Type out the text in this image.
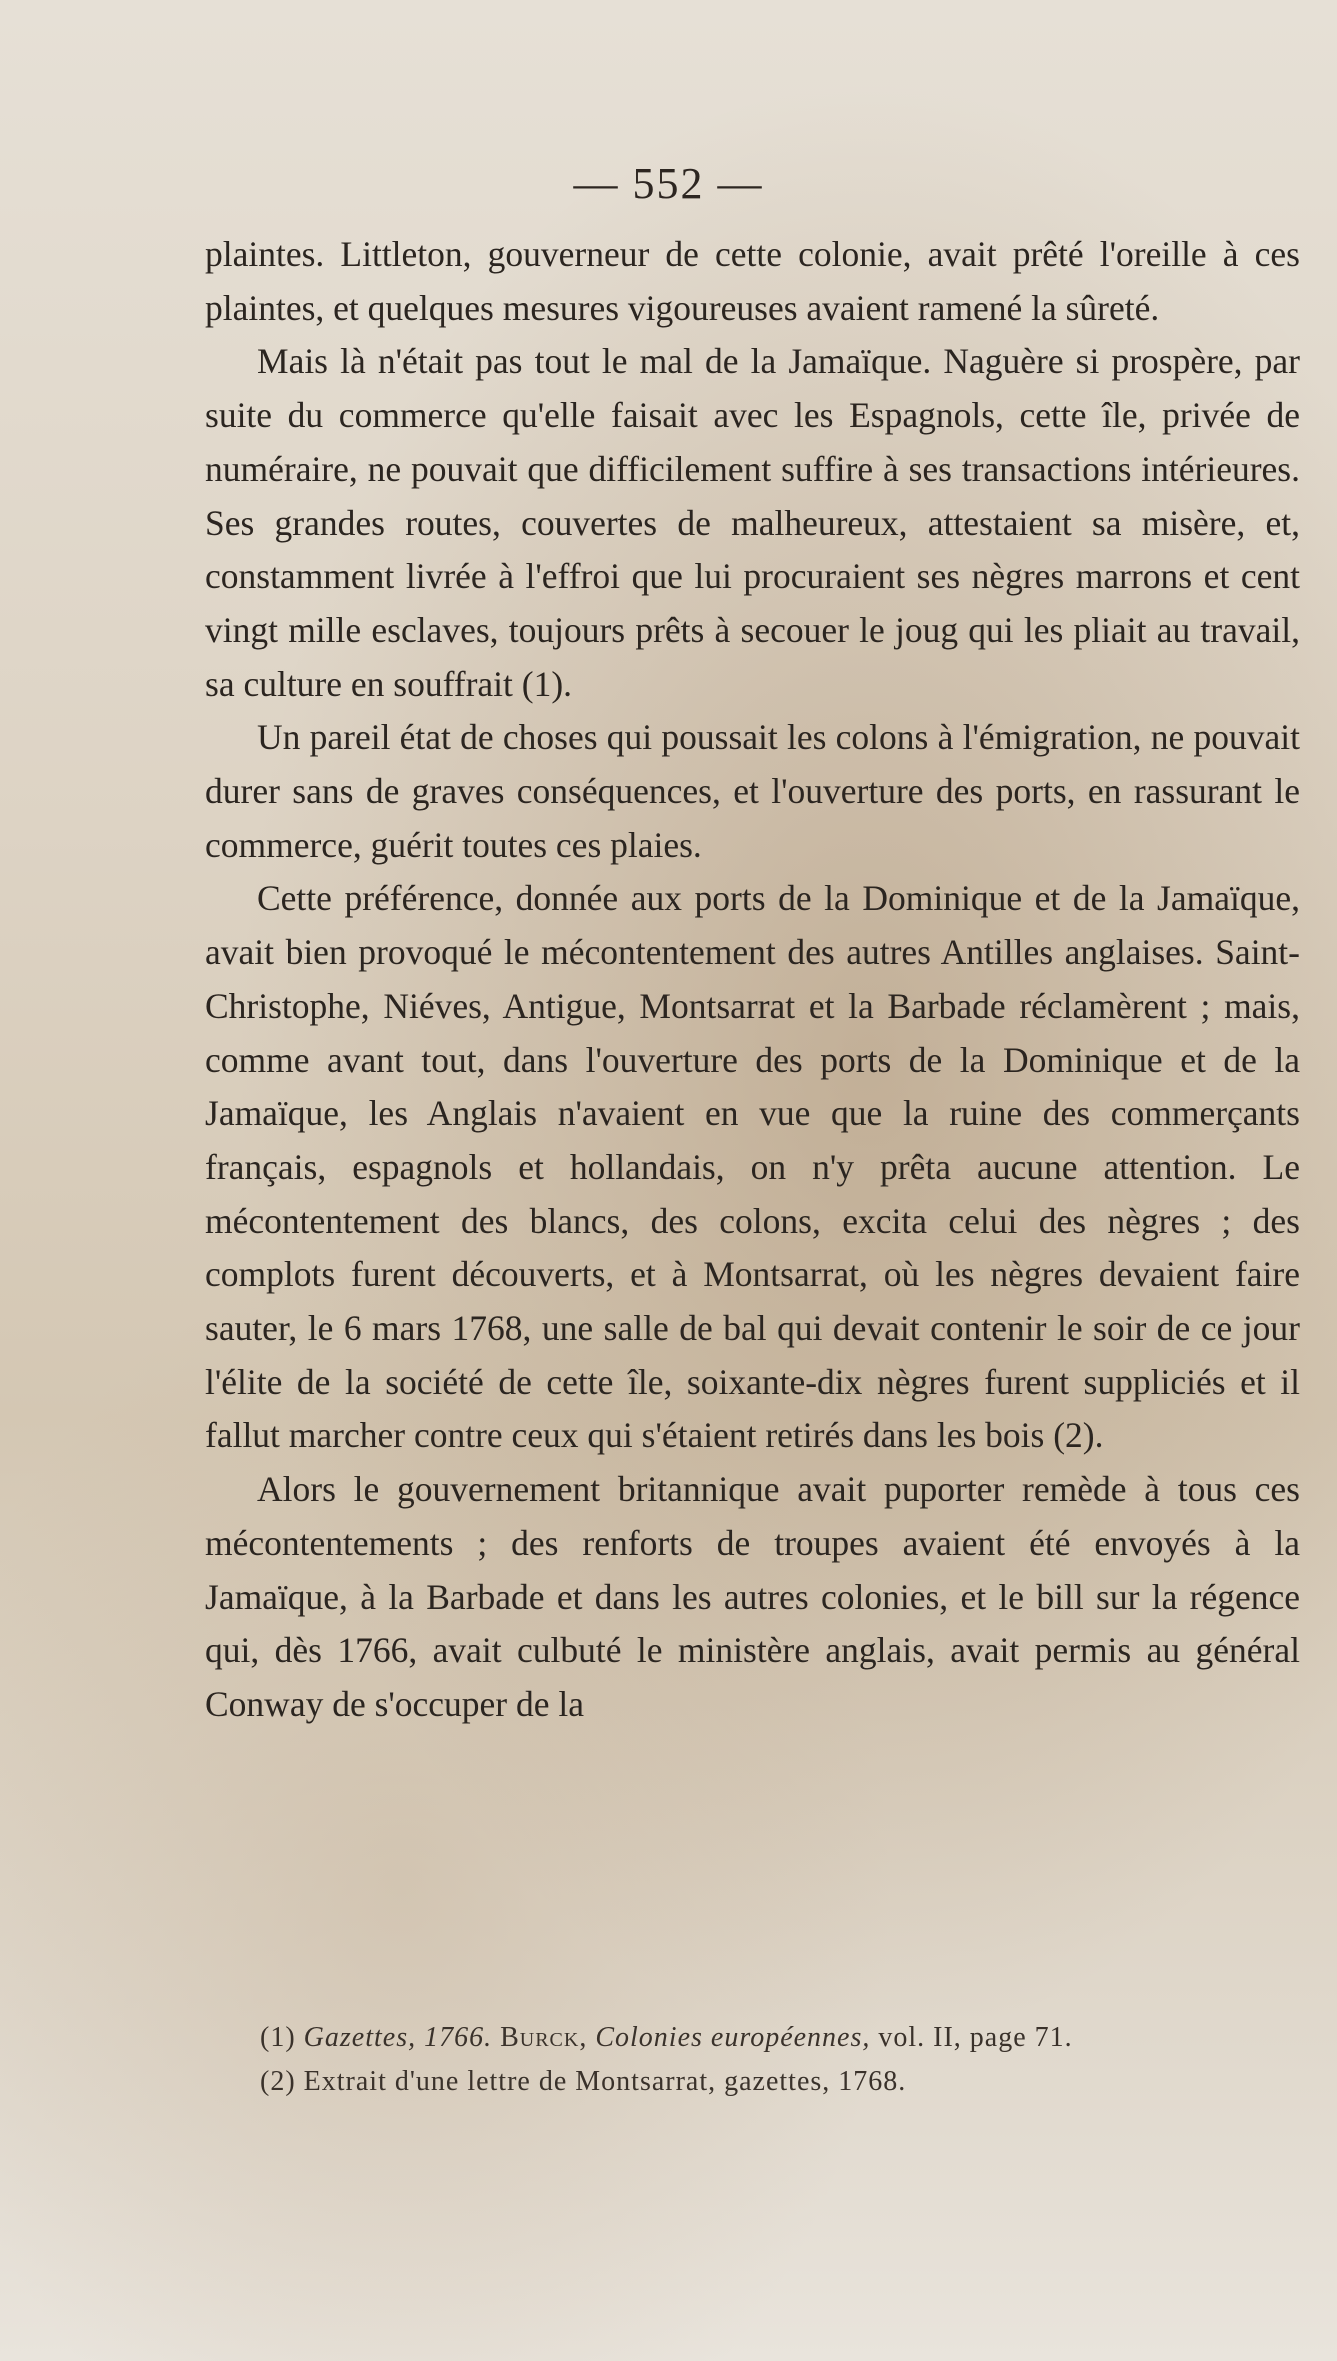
— 552 —

plaintes. Littleton, gouverneur de cette colonie, avait prêté l'oreille à ces plaintes, et quelques mesures vigoureuses avaient ramené la sûreté.

Mais là n'était pas tout le mal de la Jamaïque. Naguère si prospère, par suite du commerce qu'elle faisait avec les Espagnols, cette île, privée de numéraire, ne pouvait que difficilement suffire à ses transactions intérieures. Ses grandes routes, couvertes de malheureux, attestaient sa misère, et, constamment livrée à l'effroi que lui procuraient ses nègres marrons et cent vingt mille esclaves, toujours prêts à secouer le joug qui les pliait au travail, sa culture en souffrait (1).

Un pareil état de choses qui poussait les colons à l'émigration, ne pouvait durer sans de graves conséquences, et l'ouverture des ports, en rassurant le commerce, guérit toutes ces plaies.

Cette préférence, donnée aux ports de la Dominique et de la Jamaïque, avait bien provoqué le mécontentement des autres Antilles anglaises. Saint-Christophe, Niéves, Antigue, Montsarrat et la Barbade réclamèrent ; mais, comme avant tout, dans l'ouverture des ports de la Dominique et de la Jamaïque, les Anglais n'avaient en vue que la ruine des commerçants français, espagnols et hollandais, on n'y prêta aucune attention. Le mécontentement des blancs, des colons, excita celui des nègres ; des complots furent découverts, et à Montsarrat, où les nègres devaient faire sauter, le 6 mars 1768, une salle de bal qui devait contenir le soir de ce jour l'élite de la société de cette île, soixante-dix nègres furent suppliciés et il fallut marcher contre ceux qui s'étaient retirés dans les bois (2).

Alors le gouvernement britannique avait puporter remède à tous ces mécontentements ; des renforts de troupes avaient été envoyés à la Jamaïque, à la Barbade et dans les autres colonies, et le bill sur la régence qui, dès 1766, avait culbuté le ministère anglais, avait permis au général Conway de s'occuper de la

(1) Gazettes, 1766. Burck, Colonies européennes, vol. II, page 71.
(2) Extrait d'une lettre de Montsarrat, gazettes, 1768.
